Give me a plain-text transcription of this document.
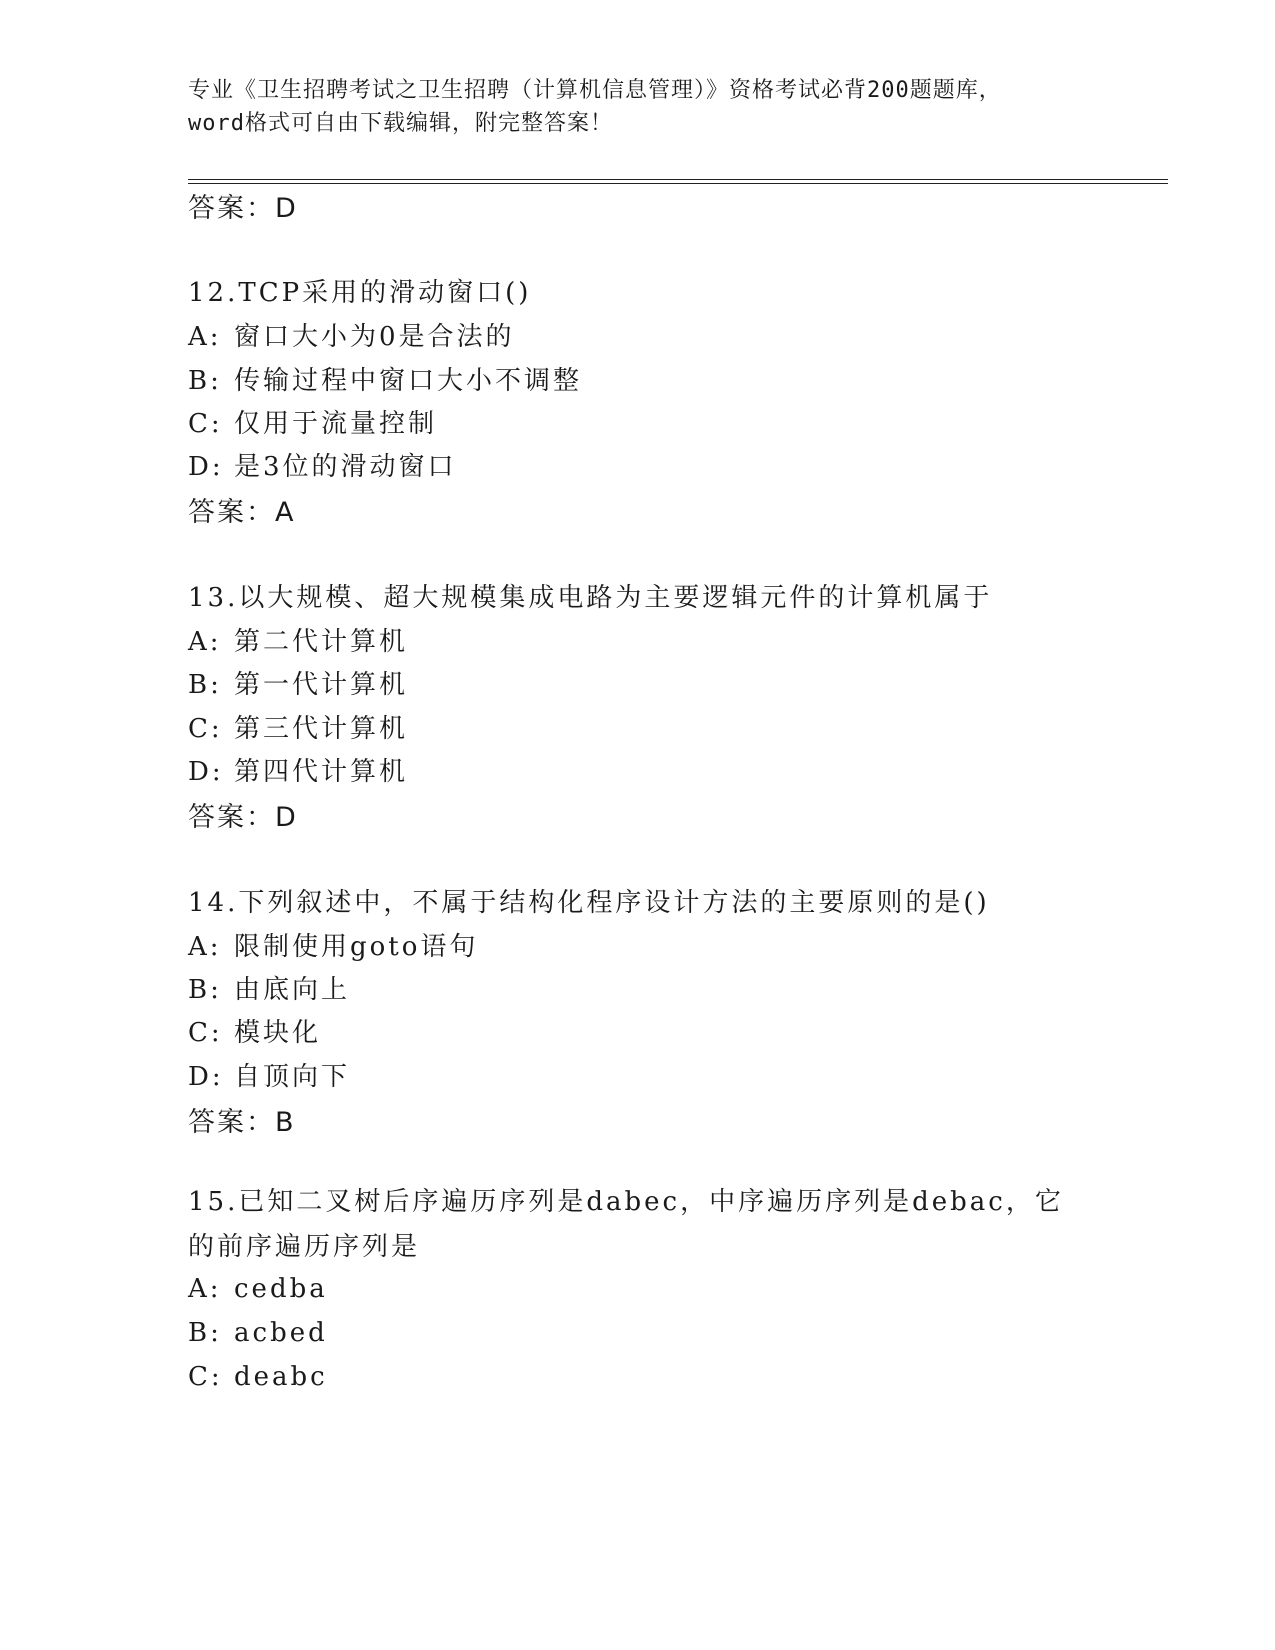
专业《卫生招聘考试之卫生招聘（计算机信息管理）》资格考试必背200题题库，
word格式可自由下载编辑，附完整答案！
答案：D
12.TCP采用的滑动窗口()
A: 窗口大小为0是合法的
B: 传输过程中窗口大小不调整
C: 仅用于流量控制
D: 是3位的滑动窗口
答案：A
13.以大规模、超大规模集成电路为主要逻辑元件的计算机属于
A: 第二代计算机
B: 第一代计算机
C: 第三代计算机
D: 第四代计算机
答案：D
14.下列叙述中，不属于结构化程序设计方法的主要原则的是()
A: 限制使用goto语句
B: 由底向上
C: 模块化
D: 自顶向下
答案：B
15.已知二叉树后序遍历序列是dabec，中序遍历序列是debac，它的前序遍历序列是
A: cedba
B: acbed
C: deabc
